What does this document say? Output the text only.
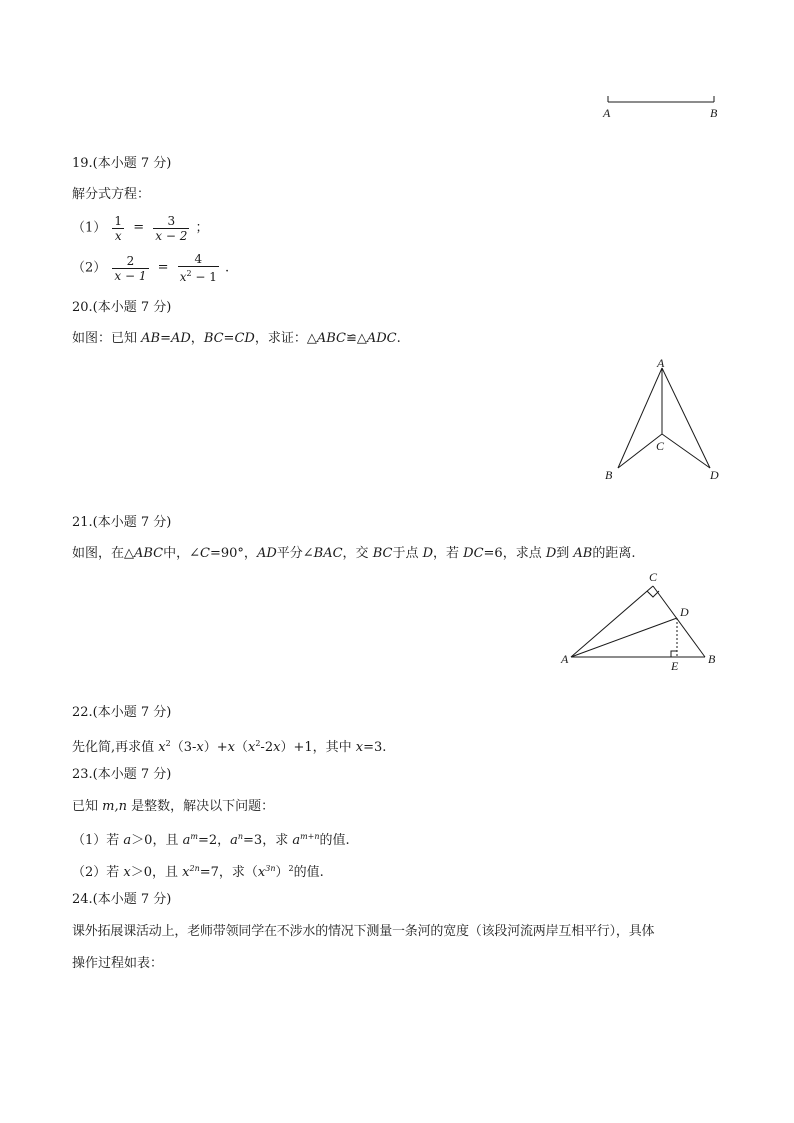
A	B
19.(本小题 7 分)
解分式方程：
$(1) \frac{1}{x} = \frac{3}{x - 2}$ ；
$(2) \frac{2}{x - 1} = \frac{4}{x^2 - 1}$ .
20.(本小题 7 分)
如图：已知 AB=AD，BC=CD，求证：△ABC≌△ADC.
A
B
C
D
21.(本小题 7 分)
如图，在△ABC中，∠C=90°，AD平分∠BAC，交 BC于点 D，若 DC=6，求点 D到 AB的距离.
C
D
A	B
E
22.(本小题 7 分)
先化简,再求值 $x^2(3-x)+x(x^2-2x)+1$，其中 x=3.
23.(本小题 7 分)
已知 m,n 是整数，解决以下问题：
（1）若 a＞0，且 $a^m=2$，$a^n=3$，求 $a^{m+n}$的值.
（2）若 x＞0，且 $x^{2n}=7$，求$(x^{3n})^2$的值.
24.(本小题 7 分)
课外拓展课活动上，老师带领同学在不涉水的情况下测量一条河的宽度（该段河流两岸互相平行），具体
操作过程如表：
